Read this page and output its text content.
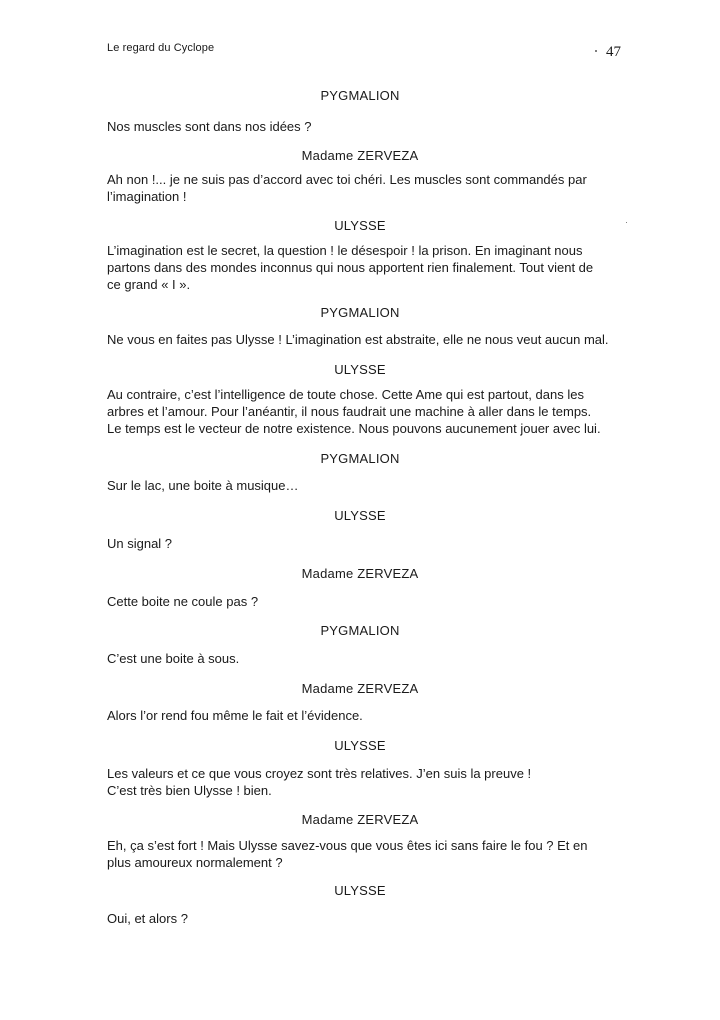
Le regard du Cyclope	47
PYGMALION
Nos muscles sont dans nos idées ?
Madame ZERVEZA
Ah non !... je ne suis pas d’accord avec toi chéri. Les muscles sont commandés par
l’imagination !
ULYSSE
L’imagination est le secret, la question ! le désespoir ! la prison. En imaginant nous
partons dans des mondes inconnus qui nous apportent rien finalement. Tout vient de
ce grand « I ».
PYGMALION
Ne vous en faites pas Ulysse ! L’imagination est abstraite, elle ne nous veut aucun mal.
ULYSSE
Au contraire, c’est l’intelligence de toute chose. Cette Ame qui est partout, dans les
arbres et l’amour. Pour l’anéantir, il nous faudrait une machine à aller dans le temps.
Le temps est le vecteur de notre existence. Nous pouvons aucunement jouer avec lui.
PYGMALION
Sur le lac, une boite à musique…
ULYSSE
Un signal ?
Madame ZERVEZA
Cette boite ne coule pas ?
PYGMALION
C’est une boite à sous.
Madame ZERVEZA
Alors l’or rend fou même le fait et l’évidence.
ULYSSE
Les valeurs et ce que vous croyez sont très relatives. J’en suis la preuve !
C’est très bien Ulysse ! bien.
Madame ZERVEZA
Eh, ça s’est fort ! Mais Ulysse savez-vous que vous êtes ici sans faire le fou ? Et en
plus amoureux normalement ?
ULYSSE
Oui, et alors ?
